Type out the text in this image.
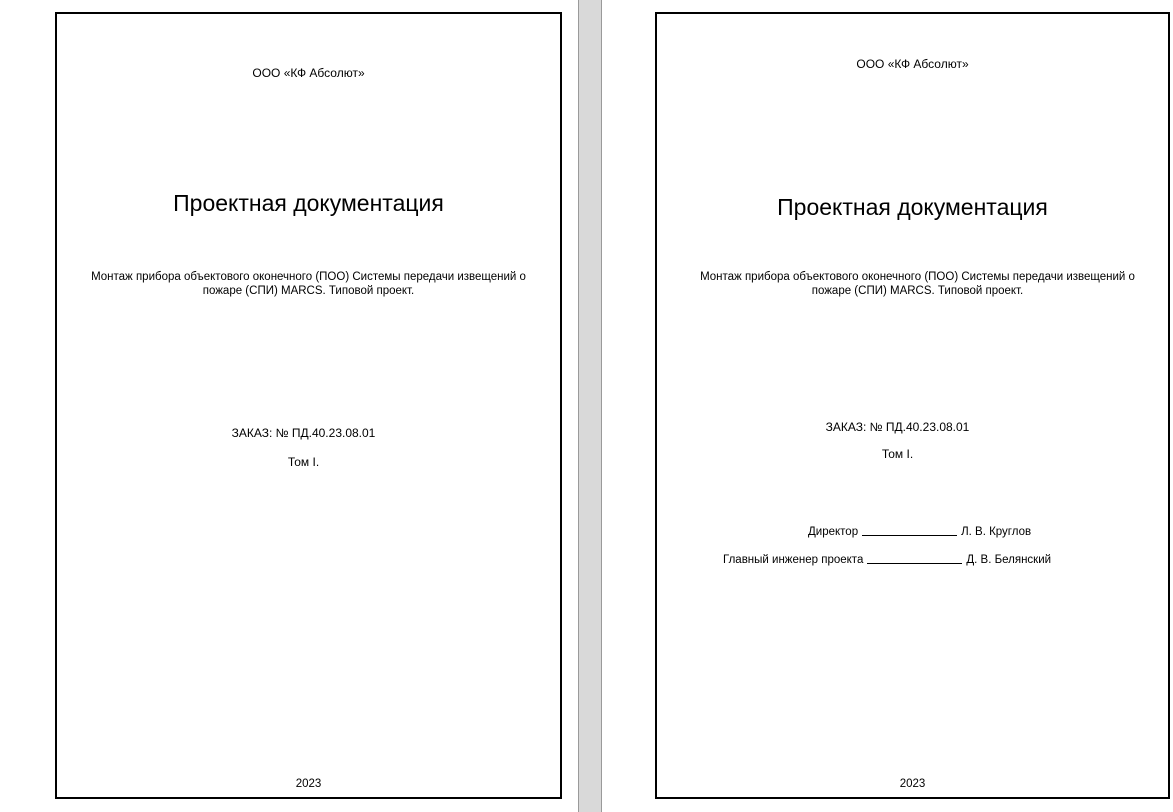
ООО «КФ Абсолют»
Проектная документация
Монтаж прибора объектового оконечного (ПОО) Системы передачи извещений о пожаре (СПИ) MARCS. Типовой проект.
ЗАКАЗ: № ПД.40.23.08.01
Том I.
2023
ООО «КФ Абсолют»
Проектная документация
Монтаж прибора объектового оконечного (ПОО) Системы передачи извещений о пожаре (СПИ) MARCS. Типовой проект.
ЗАКАЗ: № ПД.40.23.08.01
Том I.
Директор	Л. В. Круглов
Главный инженер проекта	Д. В. Белянский
2023
